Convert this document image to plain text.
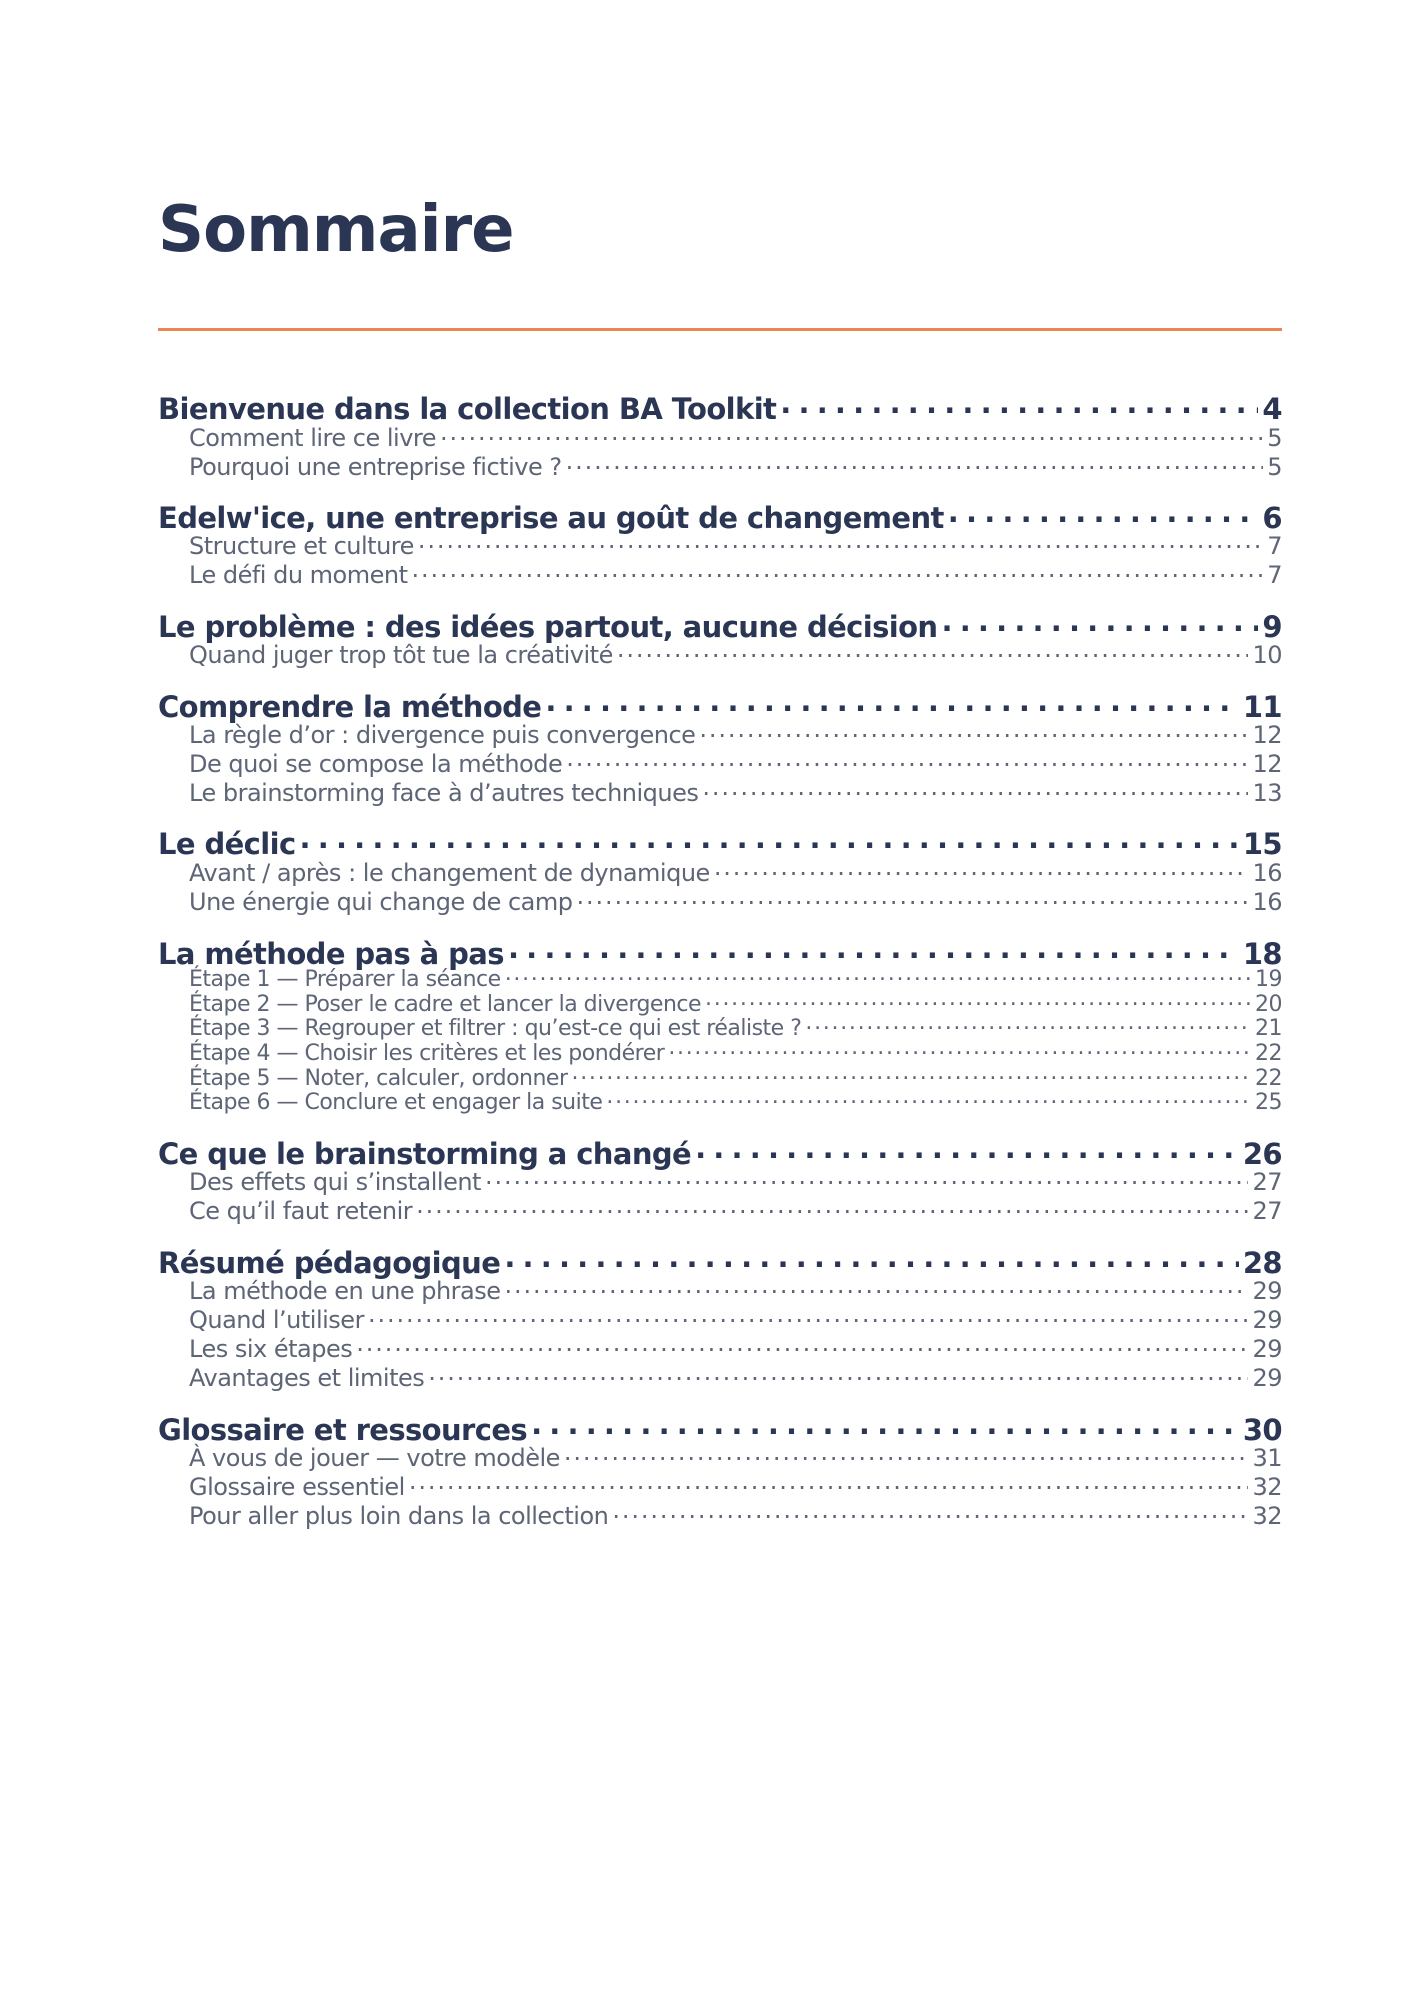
Sommaire
Bienvenue dans la collection BA Toolkit . . .	4
Comment lire ce livre . . .	5
Pourquoi une entreprise fictive ? . . .	5
Edelw'ice, une entreprise au goût de changement . . .	6
Structure et culture . . .	7
Le défi du moment . . .	7
Le problème : des idées partout, aucune décision . . .	9
Quand juger trop tôt tue la créativité . . .	10
Comprendre la méthode . . .	11
La règle d’or : divergence puis convergence . . .	12
De quoi se compose la méthode . . .	12
Le brainstorming face à d’autres techniques . . .	13
Le déclic . . .	15
Avant / après : le changement de dynamique . . .	16
Une énergie qui change de camp . . .	16
La méthode pas à pas . . .	18
Étape 1 — Préparer la séance . . .	19
Étape 2 — Poser le cadre et lancer la divergence . . .	20
Étape 3 — Regrouper et filtrer : qu’est-ce qui est réaliste ? . . .	21
Étape 4 — Choisir les critères et les pondérer . . .	22
Étape 5 — Noter, calculer, ordonner . . .	22
Étape 6 — Conclure et engager la suite . . .	25
Ce que le brainstorming a changé . . .	26
Des effets qui s’installent . . .	27
Ce qu’il faut retenir . . .	27
Résumé pédagogique . . .	28
La méthode en une phrase . . .	29
Quand l’utiliser . . .	29
Les six étapes . . .	29
Avantages et limites . . .	29
Glossaire et ressources . . .	30
À vous de jouer — votre modèle . . .	31
Glossaire essentiel . . .	32
Pour aller plus loin dans la collection . . .	32
